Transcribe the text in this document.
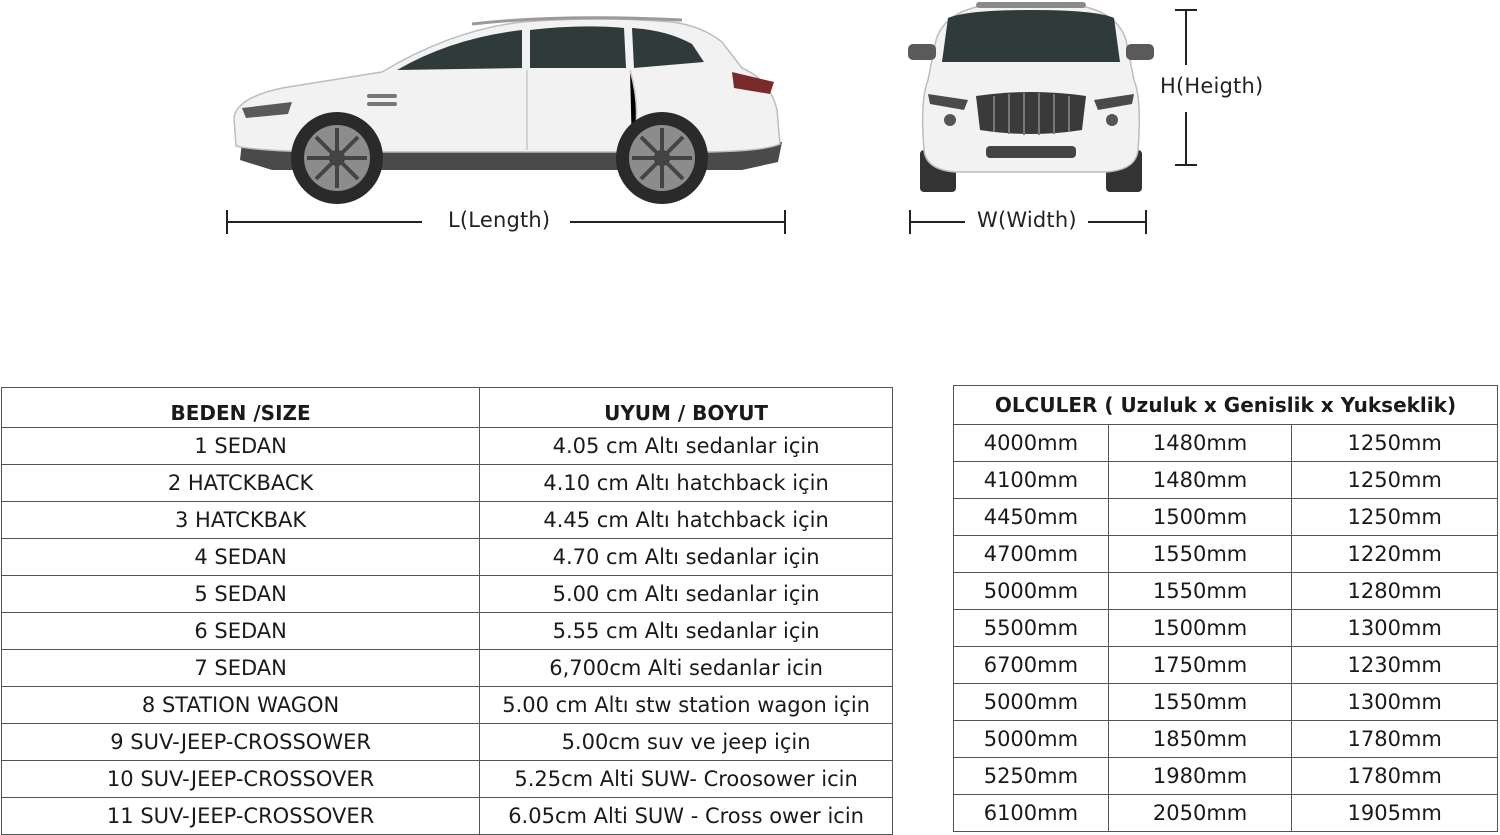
L(Length)	W(Width)
H(Heigth)
BEDEN /SIZE	UYUM / BOYUT
1 SEDAN	4.05 cm Altı sedanlar için
2 HATCKBACK	4.10 cm Altı hatchback için
3 HATCKBAK	4.45 cm Altı hatchback için
4 SEDAN	4.70 cm Altı sedanlar için
5 SEDAN	5.00 cm Altı sedanlar için
6 SEDAN	5.55 cm Altı sedanlar için
7 SEDAN	6,700cm Alti sedanlar icin
8 STATION WAGON	5.00 cm Altı stw station wagon için
9 SUV-JEEP-CROSSOWER	5.00cm suv ve jeep için
10 SUV-JEEP-CROSSOVER	5.25cm Alti SUW- Croosower icin
11 SUV-JEEP-CROSSOVER	6.05cm Alti SUW - Cross ower icin
OLCULER ( Uzuluk x Genislik x Yukseklik)		
4000mm	1480mm	1250mm
4100mm	1480mm	1250mm
4450mm	1500mm	1250mm
4700mm	1550mm	1220mm
5000mm	1550mm	1280mm
5500mm	1500mm	1300mm
6700mm	1750mm	1230mm
5000mm	1550mm	1300mm
5000mm	1850mm	1780mm
5250mm	1980mm	1780mm
6100mm	2050mm	1905mm
